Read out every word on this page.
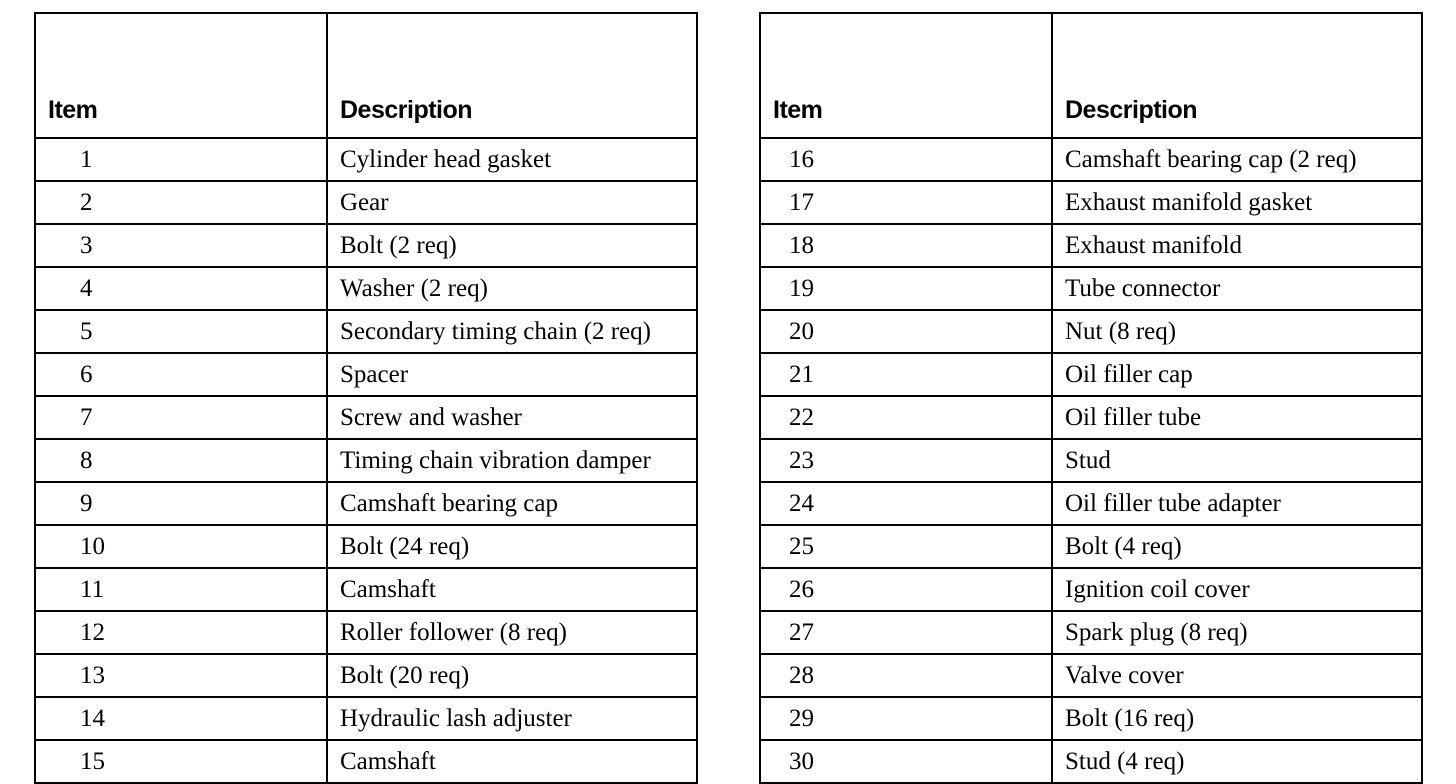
Item	Description
1	Cylinder head gasket
2	Gear
3	Bolt (2 req)
4	Washer (2 req)
5	Secondary timing chain (2 req)
6	Spacer
7	Screw and washer
8	Timing chain vibration damper
9	Camshaft bearing cap
10	Bolt (24 req)
11	Camshaft
12	Roller follower (8 req)
13	Bolt (20 req)
14	Hydraulic lash adjuster
15	Camshaft
Item	Description
16	Camshaft bearing cap (2 req)
17	Exhaust manifold gasket
18	Exhaust manifold
19	Tube connector
20	Nut (8 req)
21	Oil filler cap
22	Oil filler tube
23	Stud
24	Oil filler tube adapter
25	Bolt (4 req)
26	Ignition coil cover
27	Spark plug (8 req)
28	Valve cover
29	Bolt (16 req)
30	Stud (4 req)
